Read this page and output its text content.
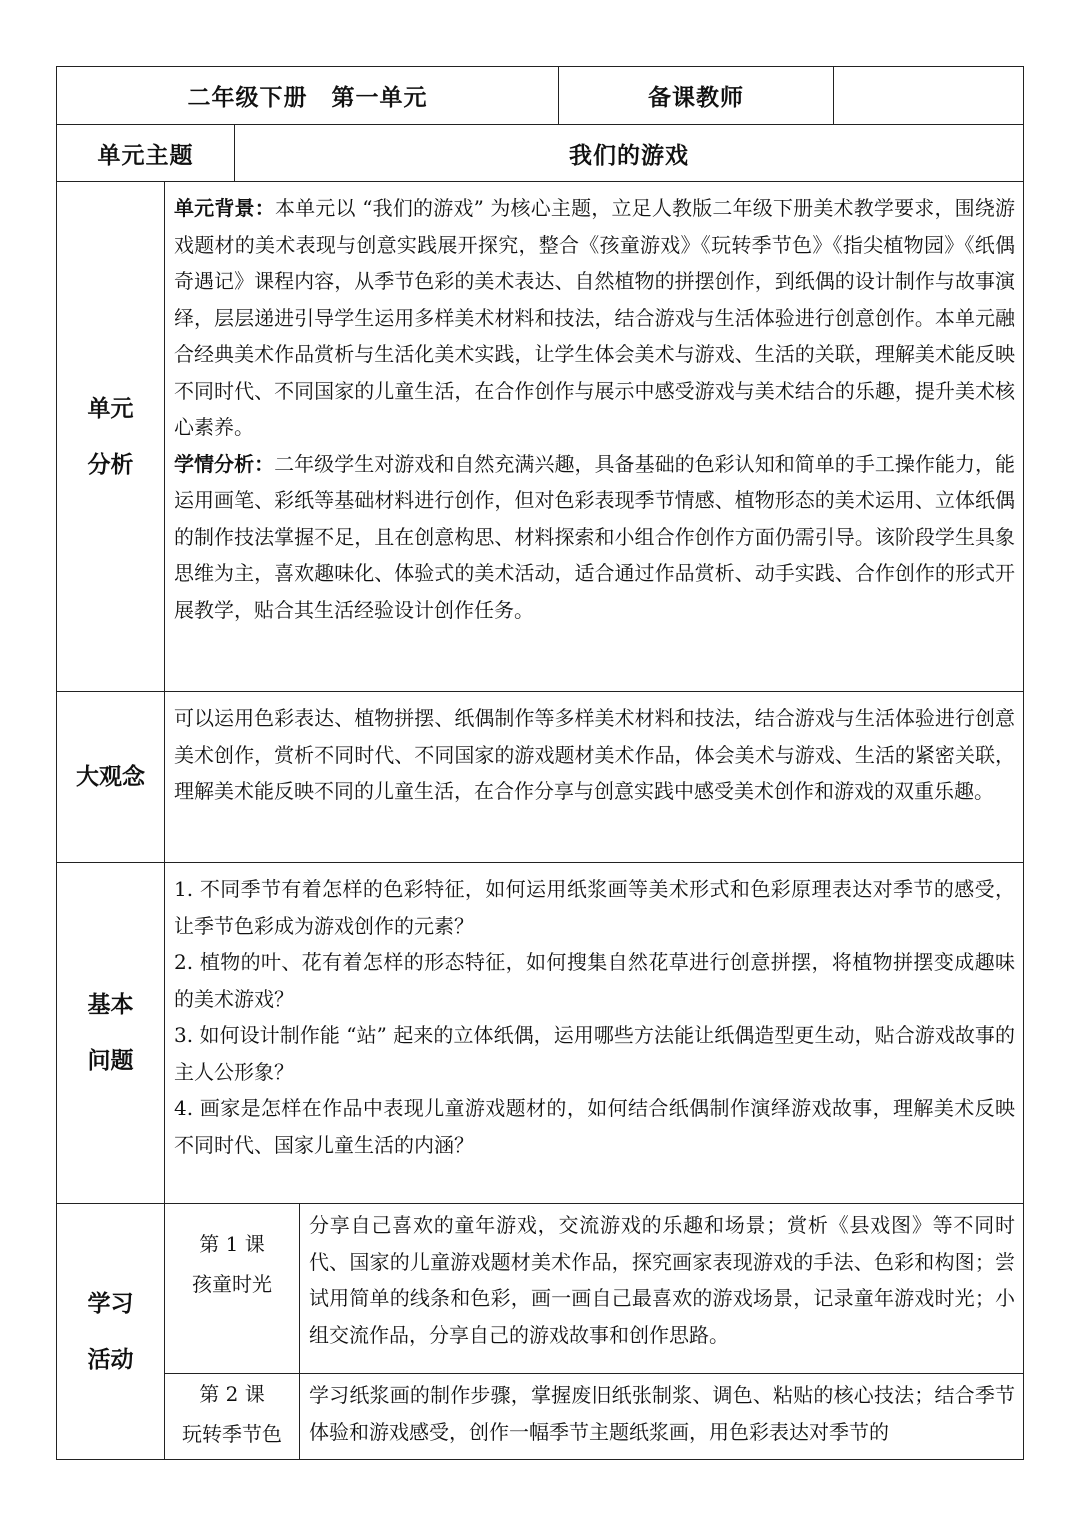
二年级下册　第一单元	备课教师
单元主题	我们的游戏
单元
分析

单元背景：本单元以 “我们的游戏” 为核心主题，立足人教版二年级下册美术教学要求，围绕游戏题材的美术表现与创意实践展开探究，整合《孩童游戏》《玩转季节色》《指尖植物园》《纸偶奇遇记》课程内容，从季节色彩的美术表达、自然植物的拼摆创作，到纸偶的设计制作与故事演绎，层层递进引导学生运用多样美术材料和技法，结合游戏与生活体验进行创意创作。本单元融合经典美术作品赏析与生活化美术实践，让学生体会美术与游戏、生活的关联，理解美术能反映不同时代、不同国家的儿童生活，在合作创作与展示中感受游戏与美术结合的乐趣，提升美术核心素养。

学情分析：二年级学生对游戏和自然充满兴趣，具备基础的色彩认知和简单的手工操作能力，能运用画笔、彩纸等基础材料进行创作，但对色彩表现季节情感、植物形态的美术运用、立体纸偶的制作技法掌握不足，且在创意构思、材料探索和小组合作创作方面仍需引导。该阶段学生具象思维为主，喜欢趣味化、体验式的美术活动，适合通过作品赏析、动手实践、合作创作的形式开展教学，贴合其生活经验设计创作任务。

大观念

可以运用色彩表达、植物拼摆、纸偶制作等多样美术材料和技法，结合游戏与生活体验进行创意美术创作，赏析不同时代、不同国家的游戏题材美术作品，体会美术与游戏、生活的紧密关联，理解美术能反映不同的儿童生活，在合作分享与创意实践中感受美术创作和游戏的双重乐趣。

基本
问题

1. 不同季节有着怎样的色彩特征，如何运用纸浆画等美术形式和色彩原理表达对季节的感受，让季节色彩成为游戏创作的元素？

2. 植物的叶、花有着怎样的形态特征，如何搜集自然花草进行创意拼摆，将植物拼摆变成趣味的美术游戏？

3. 如何设计制作能 “站” 起来的立体纸偶，运用哪些方法能让纸偶造型更生动，贴合游戏故事的主人公形象？

4. 画家是怎样在作品中表现儿童游戏题材的，如何结合纸偶制作演绎游戏故事，理解美术反映不同时代、国家儿童生活的内涵？

学习
活动
第 1 课
孩童时光

分享自己喜欢的童年游戏，交流游戏的乐趣和场景；赏析《县戏图》等不同时代、国家的儿童游戏题材美术作品，探究画家表现游戏的手法、色彩和构图；尝试用简单的线条和色彩，画一画自己最喜欢的游戏场景，记录童年游戏时光；小组交流作品，分享自己的游戏故事和创作思路。

第 2 课
玩转季节色

学习纸浆画的制作步骤，掌握废旧纸张制浆、调色、粘贴的核心技法；结合季节体验和游戏感受，创作一幅季节主题纸浆画，用色彩表达对季节的
